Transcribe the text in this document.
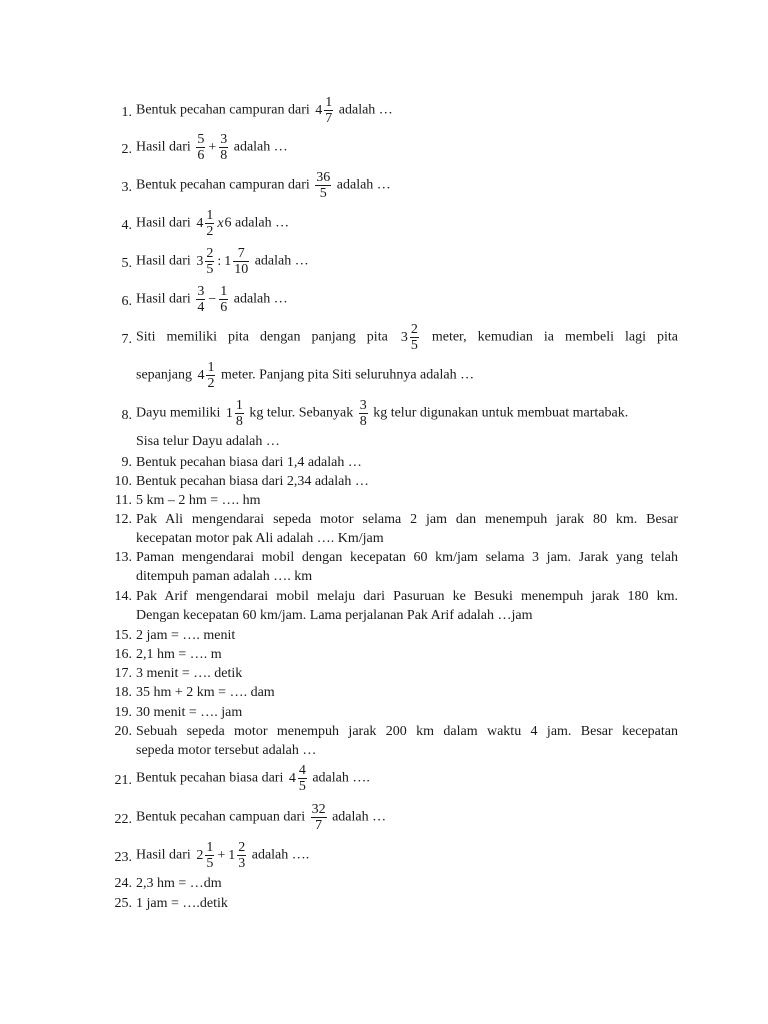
1. Bentuk pecahan campuran dari $4 \frac{1}{7}$ adalah …
2. Hasil dari $\frac{5}{6} + \frac{3}{8}$ adalah …
3. Bentuk pecahan campuran dari $\frac{36}{5}$ adalah …
4. Hasil dari $4 \frac{1}{2} x6$ adalah …
5. Hasil dari $3 \frac{2}{5}$ : $1 \frac{7}{10}$ adalah …
6. Hasil dari $\frac{3}{4} - \frac{1}{6}$ adalah …
7. Siti memiliki pita dengan panjang pita $3 \frac{2}{5}$ meter, kemudian ia membeli lagi pita
sepanjang $4 \frac{1}{2}$ meter. Panjang pita Siti seluruhnya adalah …
8. Dayu memiliki $1 \frac{1}{8}$ kg telur. Sebanyak $\frac{3}{8}$ kg telur digunakan untuk membuat martabak.
Sisa telur Dayu adalah …
9. Bentuk pecahan biasa dari 1,4 adalah …
10. Bentuk pecahan biasa dari 2,34 adalah …
11. 5 km – 2 hm = …. hm
12. Pak Ali mengendarai sepeda motor selama 2 jam dan menempuh jarak 80 km. Besar
kecepatan motor pak Ali adalah …. Km/jam
13. Paman mengendarai mobil dengan kecepatan 60 km/jam selama 3 jam. Jarak yang telah
ditempuh paman adalah …. km
14. Pak Arif mengendarai mobil melaju dari Pasuruan ke Besuki menempuh jarak 180 km.
Dengan kecepatan 60 km/jam. Lama perjalanan Pak Arif adalah …jam
15. 2 jam = …. menit
16. 2,1 hm = …. m
17. 3 menit = …. detik
18. 35 hm + 2 km = …. dam
19. 30 menit = …. jam
20. Sebuah sepeda motor menempuh jarak 200 km dalam waktu 4 jam. Besar kecepatan
sepeda motor tersebut adalah …
21. Bentuk pecahan biasa dari $4 \frac{4}{5}$ adalah ….
22. Bentuk pecahan campuan dari $\frac{32}{7}$ adalah …
23. Hasil dari $2 \frac{1}{5} + 1 \frac{2}{3}$ adalah ….
24. 2,3 hm = …dm
25. 1 jam = ….detik
